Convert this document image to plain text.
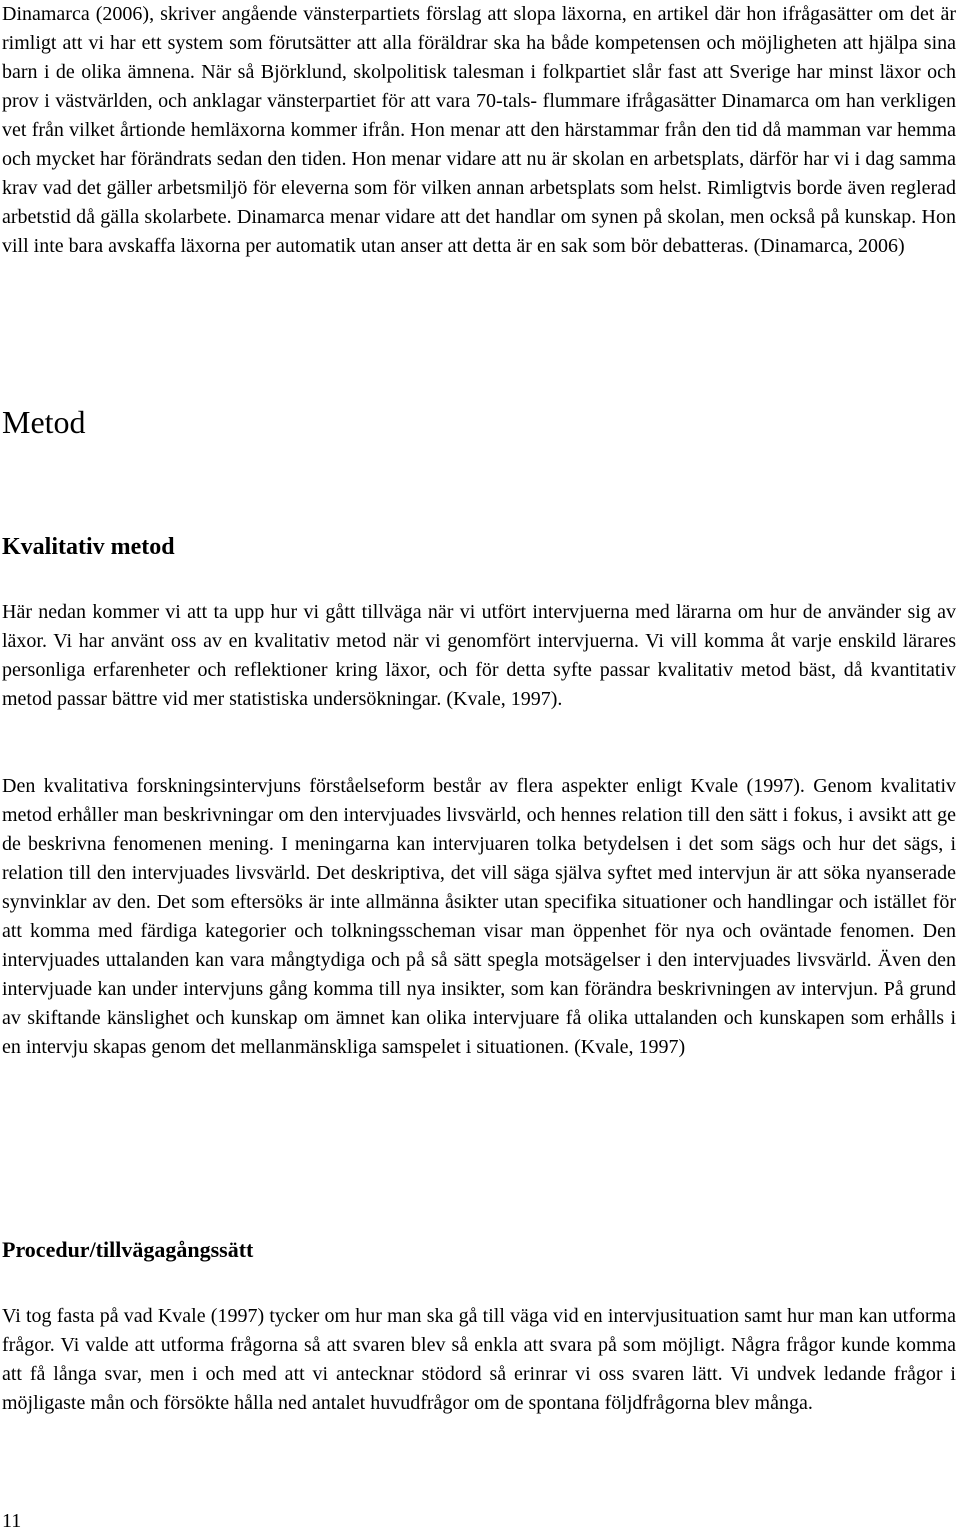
Dinamarca (2006), skriver angående vänsterpartiets förslag att slopa läxorna, en artikel där hon ifrågasätter om det är rimligt att vi har ett system som förutsätter att alla föräldrar ska ha både kompetensen och möjligheten att hjälpa sina barn i de olika ämnena. När så Björklund, skolpolitisk talesman i folkpartiet slår fast att Sverige har minst läxor och prov i västvärlden, och anklagar vänsterpartiet för att vara 70-tals- flummare ifrågasätter Dinamarca om han verkligen vet från vilket årtionde hemläxorna kommer ifrån. Hon menar att den härstammar från den tid då mamman var hemma och mycket har förändrats sedan den tiden. Hon menar vidare att nu är skolan en arbetsplats, därför har vi i dag samma krav vad det gäller arbetsmiljö för eleverna som för vilken annan arbetsplats som helst. Rimligtvis borde även reglerad arbetstid då gälla skolarbete. Dinamarca menar vidare att det handlar om synen på skolan, men också på kunskap. Hon vill inte bara avskaffa läxorna per automatik utan anser att detta är en sak som bör debatteras. (Dinamarca, 2006)

Metod
Kvalitativ metod

Här nedan kommer vi att ta upp hur vi gått tillväga när vi utfört intervjuerna med lärarna om hur de använder sig av läxor. Vi har använt oss av en kvalitativ metod när vi genomfört intervjuerna. Vi vill komma åt varje enskild lärares personliga erfarenheter och reflektioner kring läxor, och för detta syfte passar kvalitativ metod bäst, då kvantitativ metod passar bättre vid mer statistiska undersökningar. (Kvale, 1997).

Den kvalitativa forskningsintervjuns förståelseform består av flera aspekter enligt Kvale (1997). Genom kvalitativ metod erhåller man beskrivningar om den intervjuades livsvärld, och hennes relation till den sätt i fokus, i avsikt att ge de beskrivna fenomenen mening. I meningarna kan intervjuaren tolka betydelsen i det som sägs och hur det sägs, i relation till den intervjuades livsvärld. Det deskriptiva, det vill säga själva syftet med intervjun är att söka nyanserade synvinklar av den. Det som eftersöks är inte allmänna åsikter utan specifika situationer och handlingar och istället för att komma med färdiga kategorier och tolkningsscheman visar man öppenhet för nya och oväntade fenomen. Den intervjuades uttalanden kan vara mångtydiga och på så sätt spegla motsägelser i den intervjuades livsvärld. Även den intervjuade kan under intervjuns gång komma till nya insikter, som kan förändra beskrivningen av intervjun. På grund av skiftande känslighet och kunskap om ämnet kan olika intervjuare få olika uttalanden och kunskapen som erhålls i en intervju skapas genom det mellanmänskliga samspelet i situationen. (Kvale, 1997)

Procedur/tillvägagångssätt

Vi tog fasta på vad Kvale (1997) tycker om hur man ska gå till väga vid en intervjusituation samt hur man kan utforma frågor. Vi valde att utforma frågorna så att svaren blev så enkla att svara på som möjligt. Några frågor kunde komma att få långa svar, men i och med att vi antecknar stödord så erinrar vi oss svaren lätt. Vi undvek ledande frågor i möjligaste mån och försökte hålla ned antalet huvudfrågor om de spontana följdfrågorna blev många.

11
